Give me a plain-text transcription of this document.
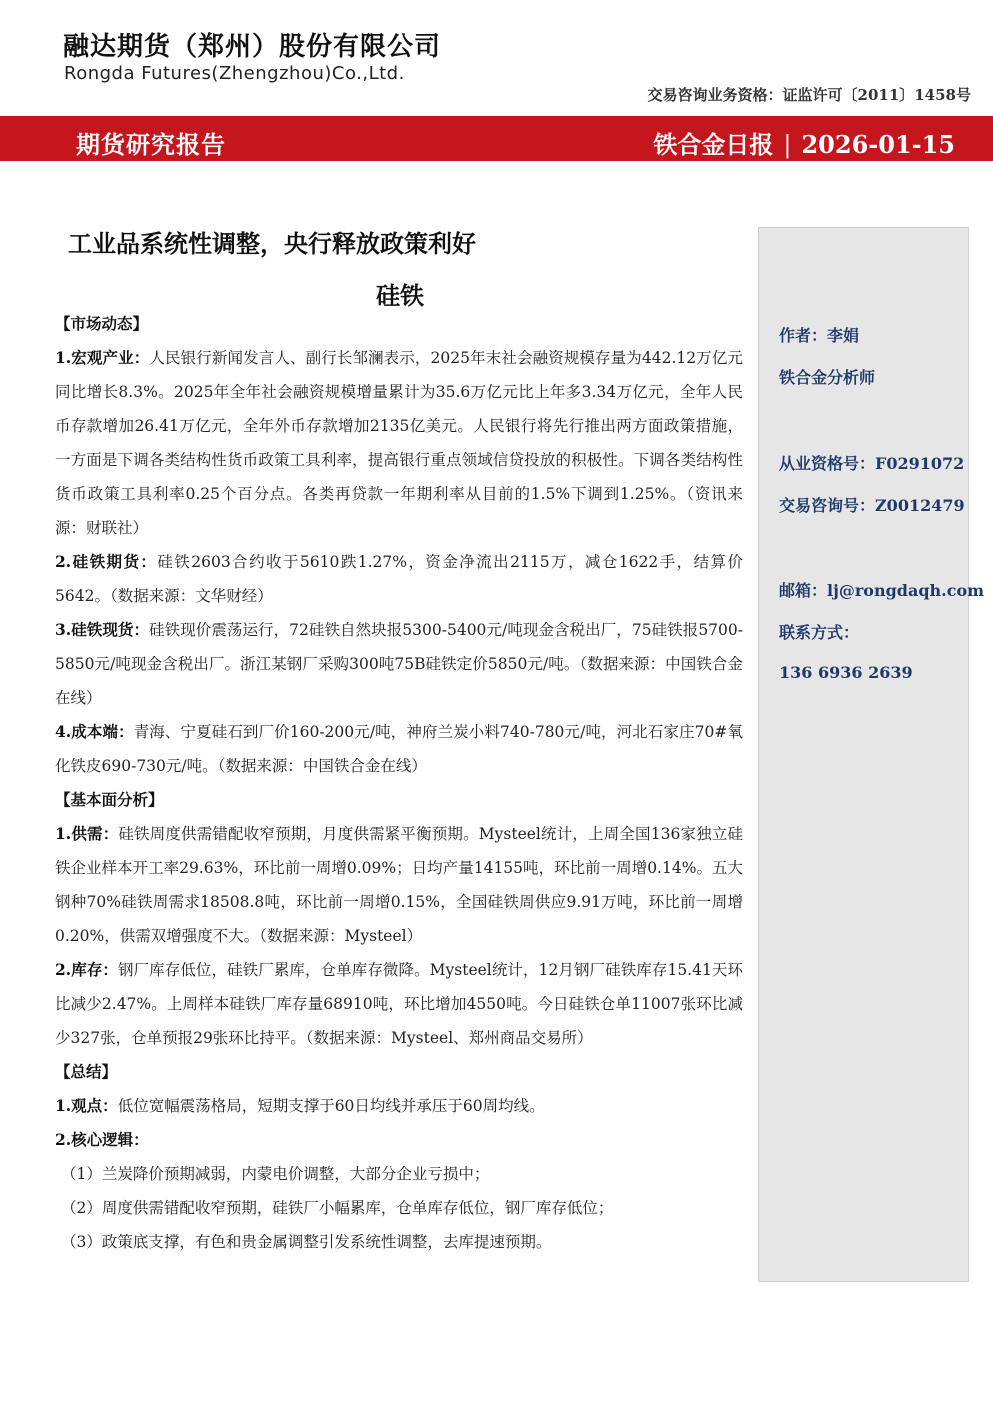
融达期货（郑州）股份有限公司
Rongda Futures(Zhengzhou)Co.,Ltd.
交易咨询业务资格：证监许可〔2011〕1458号
期货研究报告	铁合金日报 | 2026-01-15
工业品系统性调整，央行释放政策利好
硅铁

【市场动态】

1.宏观产业：人民银行新闻发言人、副行长邹澜表示，2025年末社会融资规模存量为442.12万亿元同比增长8.3%。2025年全年社会融资规模增量累计为35.6万亿元比上年多3.34万亿元，全年人民币存款增加26.41万亿元，全年外币存款增加2135亿美元。人民银行将先行推出两方面政策措施，一方面是下调各类结构性货币政策工具利率，提高银行重点领域信贷投放的积极性。下调各类结构性货币政策工具利率0.25个百分点。各类再贷款一年期利率从目前的1.5%下调到1.25%。（资讯来源：财联社）

2.硅铁期货：硅铁2603合约收于5610跌1.27%，资金净流出2115万，减仓1622手，结算价5642。（数据来源：文华财经）

3.硅铁现货：硅铁现价震荡运行，72硅铁自然块报5300-5400元/吨现金含税出厂，75硅铁报5700-5850元/吨现金含税出厂。浙江某钢厂采购300吨75B硅铁定价5850元/吨。（数据来源：中国铁合金在线）

4.成本端：青海、宁夏硅石到厂价160-200元/吨，神府兰炭小料740-780元/吨，河北石家庄70#氧化铁皮690-730元/吨。（数据来源：中国铁合金在线）

【基本面分析】

1.供需：硅铁周度供需错配收窄预期，月度供需紧平衡预期。Mysteel统计，上周全国136家独立硅铁企业样本开工率29.63%，环比前一周增0.09%；日均产量14155吨，环比前一周增0.14%。五大钢种70%硅铁周需求18508.8吨，环比前一周增0.15%，全国硅铁周供应9.91万吨，环比前一周增0.20%，供需双增强度不大。（数据来源：Mysteel）

2.库存：钢厂库存低位，硅铁厂累库，仓单库存微降。Mysteel统计，12月钢厂硅铁库存15.41天环比减少2.47%。上周样本硅铁厂库存量68910吨，环比增加4550吨。今日硅铁仓单11007张环比减少327张，仓单预报29张环比持平。（数据来源：Mysteel、郑州商品交易所）

【总结】

1.观点：低位宽幅震荡格局，短期支撑于60日均线并承压于60周均线。

2.核心逻辑：

（1）兰炭降价预期减弱，内蒙电价调整，大部分企业亏损中；

（2）周度供需错配收窄预期，硅铁厂小幅累库，仓单库存低位，钢厂库存低位；

（3）政策底支撑，有色和贵金属调整引发系统性调整，去库提速预期。

作者：李娟
铁合金分析师
从业资格号：F0291072
交易咨询号：Z0012479
邮箱：lj@rongdaqh.com
联系方式：
136 6936 2639
